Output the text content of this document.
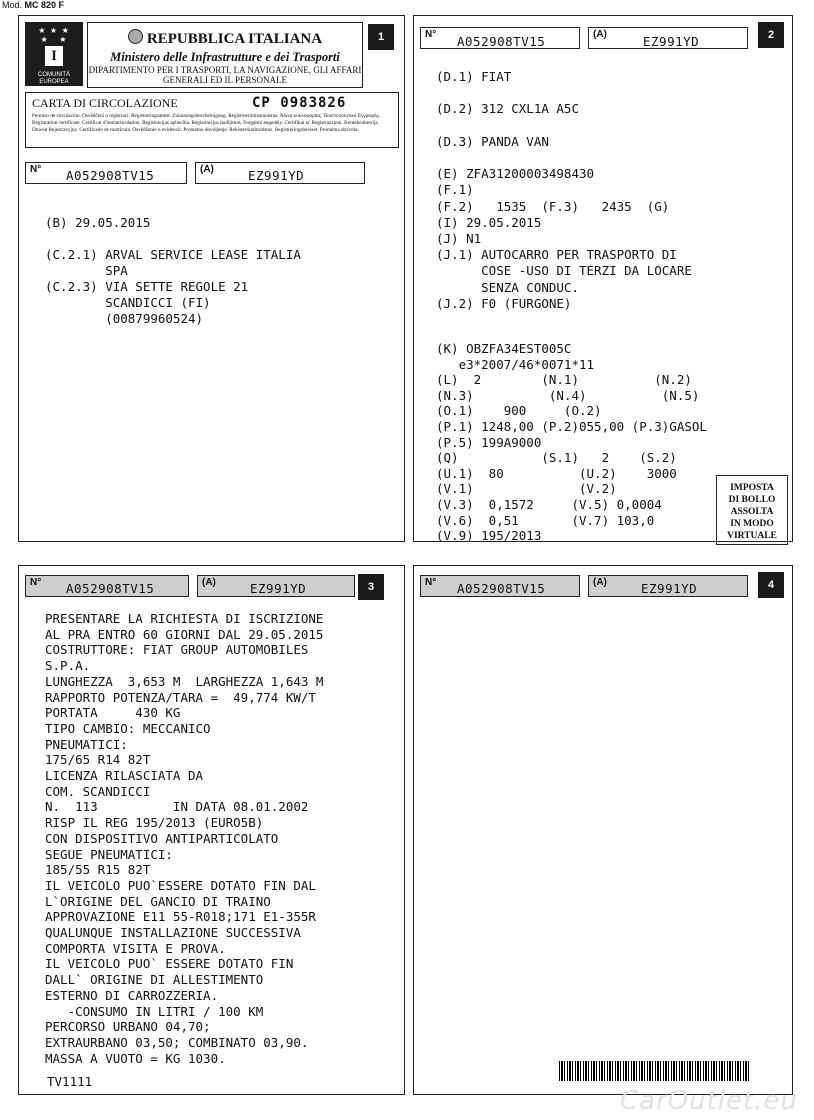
Mod. MC 820 F
★ ★ ★
★   ★
I
COMUNITÀ EUROPEA
REPUBBLICA ITALIANA
Ministero delle Infrastrutture e dei Trasporti
DIPARTIMENTO PER I TRASPORTI, LA NAVIGAZIONE, GLI AFFARI GENERALI ED IL PERSONALE
1
CARTA DI CIRCOLAZIONE	CP 0983826
Permiso de circulación. Osvědčení o registraci. Registreringsattest. Zulassungsbescheinigung. Registreerimistunnistus. Άδεια κυκλοφορίας. Ποιστοποιητικό Εγγραφής. Registration certificate. Certificat d'immatriculation. Registracijas apliecība. Registracijos liudijimas. Forgalmi engedély. Certifikat ta' Registrazzjoni. Kentekenbewijs. Dowód Rejestracyjny. Certificado de matrícula. Osvědčenie o evidencii. Prometno dovoljenje. Rekisteröintitodistus. Registreringsbeviset. Prometna dozvola.
N° A052908TV15	(A)	EZ991YD
(B) 29.05.2015
(C.2.1) ARVAL SERVICE LEASE ITALIA
SPA
(C.2.3) VIA SETTE REGOLE 21
SCANDICCI (FI)
(00879960524)
2
N° A052908TV15	(A)	EZ991YD
(D.1) FIAT
(D.2) 312 CXL1A A5C
(D.3) PANDA VAN
(E) ZFA31200003498430
(F.1)
(F.2)   1535  (F.3)   2435  (G)
(I) 29.05.2015
(J) N1
(J.1) AUTOCARRO PER TRASPORTO DI
COSE -USO DI TERZI DA LOCARE
SENZA CONDUC.
(J.2) F0 (FURGONE)
(K) OBZFA34EST005C
e3*2007/46*0071*11
(L)  2        (N.1)          (N.2)
(N.3)          (N.4)          (N.5)
(O.1)    900     (O.2)
(P.1) 1248,00 (P.2)055,00 (P.3)GASOL
(P.5) 199A9000
(Q)           (S.1)   2    (S.2)
(U.1)  80          (U.2)    3000
(V.1)              (V.2)
(V.3)  0,1572     (V.5) 0,0004
(V.6)  0,51       (V.7) 103,0
(V.9) 195/2013
IMPOSTA
DI BOLLO
ASSOLTA
IN MODO
VIRTUALE
3
N° A052908TV15	(A)	EZ991YD
PRESENTARE LA RICHIESTA DI ISCRIZIONE
AL PRA ENTRO 60 GIORNI DAL 29.05.2015
COSTRUTTORE: FIAT GROUP AUTOMOBILES
S.P.A.
LUNGHEZZA  3,653 M  LARGHEZZA 1,643 M
RAPPORTO POTENZA/TARA =  49,774 KW/T
PORTATA     430 KG
TIPO CAMBIO: MECCANICO
PNEUMATICI:
175/65 R14 82T
LICENZA RILASCIATA DA
COM. SCANDICCI
N.  113          IN DATA 08.01.2002
RISP IL REG 195/2013 (EURO5B)
CON DISPOSITIVO ANTIPARTICOLATO
SEGUE PNEUMATICI:
185/55 R15 82T
IL VEICOLO PUO`ESSERE DOTATO FIN DAL
L`ORIGINE DEL GANCIO DI TRAINO
APPROVAZIONE E11 55-R018;171 E1-355R
QUALUNQUE INSTALLAZIONE SUCCESSIVA
COMPORTA VISITA E PROVA.
IL VEICOLO PUO` ESSERE DOTATO FIN
DALL` ORIGINE DI ALLESTIMENTO
ESTERNO DI CARROZZERIA.
-CONSUMO IN LITRI / 100 KM
PERCORSO URBANO 04,70;
EXTRAURBANO 03,50; COMBINATO 03,90.
MASSA A VUOTO = KG 1030.
TV1111
4
N° A052908TV15	(A)	EZ991YD
CarOutlet.eu
